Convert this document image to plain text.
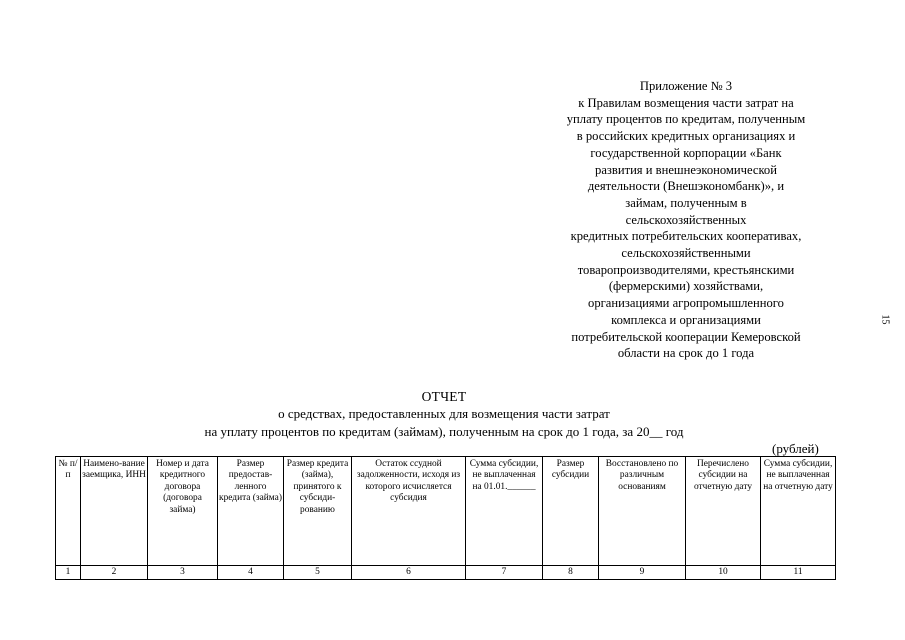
Приложение № 3
к Правилам возмещения части затрат на
уплату процентов по кредитам, полученным
в российских кредитных организациях и
государственной корпорации «Банк
развития и внешнеэкономической
деятельности (Внешэкономбанк)», и
займам, полученным в
сельскохозяйственных
кредитных потребительских кооперативах,
сельскохозяйственными
товаропроизводителями, крестьянскими
(фермерскими) хозяйствами,
организациями агропромышленного
комплекса и организациями
потребительской кооперации Кемеровской
области на срок до 1 года
15
ОТЧЕТ
о средствах, предоставленных для возмещения части затрат
на уплату процентов по кредитам (займам), полученным на срок до 1 года, за 20__ год
(рублей)
№ п/п	Наимено-вание заемщика, ИНН	Номер и дата кредитного договора (договора займа)	Размер предостав-ленного кредита (займа)	Размер кредита (займа), принятого к субсиди-рованию	Остаток ссудной задолженности, исходя из которого исчисляется субсидия	Сумма субсидии, не выплаченная на 01.01.______	Размер субсидии	Восстановлено по различным основаниям	Перечислено субсидии на отчетную дату	Сумма субсидии, не выплаченная на отчетную дату
1	2	3	4	5	6	7	8	9	10	11
